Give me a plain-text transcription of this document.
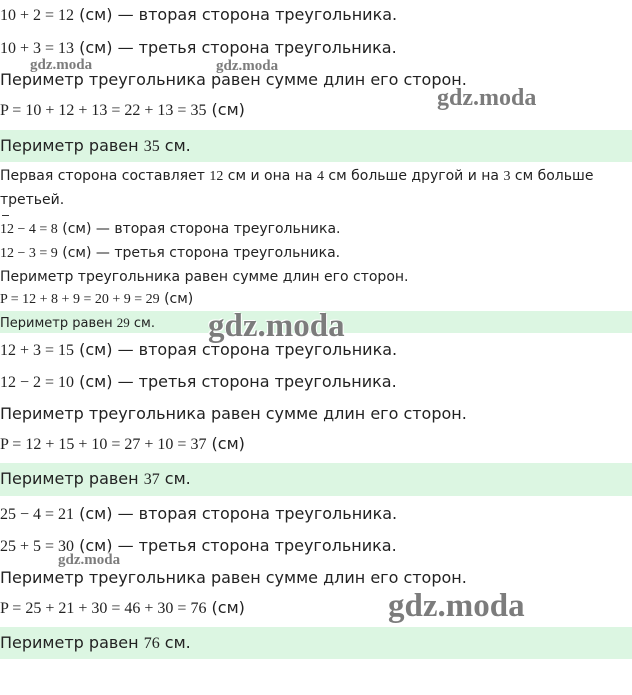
10 + 2 = 12 (см) — вторая сторона треугольника.
10 + 3 = 13 (см) — третья сторона треугольника.
Периметр треугольника равен сумме длин его сторон.
P = 10 + 12 + 13 = 22 + 13 = 35 (см)
Периметр равен 35 см.
Первая сторона составляет 12 см и она на 4 см больше другой и на 3 см больше
третьей.
12 − 4 = 8 (см) — вторая сторона треугольника.
12 − 3 = 9 (см) — третья сторона треугольника.
Периметр треугольника равен сумме длин его сторон.
P = 12 + 8 + 9 = 20 + 9 = 29 (см)
Периметр равен 29 см.
12 + 3 = 15 (см) — вторая сторона треугольника.
12 − 2 = 10 (см) — третья сторона треугольника.
Периметр треугольника равен сумме длин его сторон.
P = 12 + 15 + 10 = 27 + 10 = 37 (см)
Периметр равен 37 см.
25 − 4 = 21 (см) — вторая сторона треугольника.
25 + 5 = 30 (см) — третья сторона треугольника.
Периметр треугольника равен сумме длин его сторон.
P = 25 + 21 + 30 = 46 + 30 = 76 (см)
Периметр равен 76 см.
gdz.moda	gdz.moda
gdz.moda
gdz.moda
gdz.moda
gdz.moda
